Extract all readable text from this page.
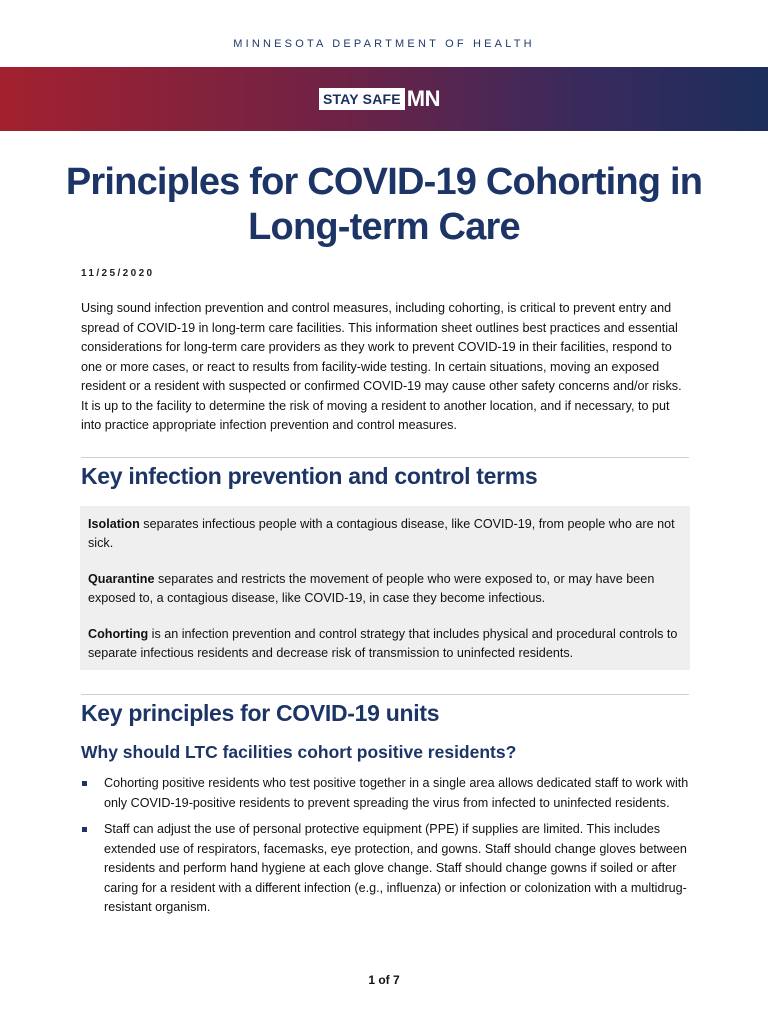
MINNESOTA DEPARTMENT OF HEALTH
STAY SAFE MN
Principles for COVID-19 Cohorting in Long-term Care
11/25/2020

Using sound infection prevention and control measures, including cohorting, is critical to prevent entry and spread of COVID-19 in long-term care facilities. This information sheet outlines best practices and essential considerations for long-term care providers as they work to prevent COVID-19 in their facilities, respond to one or more cases, or react to results from facility-wide testing. In certain situations, moving an exposed resident or a resident with suspected or confirmed COVID-19 may cause other safety concerns and/or risks. It is up to the facility to determine the risk of moving a resident to another location, and if necessary, to put into practice appropriate infection prevention and control measures.

Key infection prevention and control terms

Isolation separates infectious people with a contagious disease, like COVID-19, from people who are not sick.

Quarantine separates and restricts the movement of people who were exposed to, or may have been exposed to, a contagious disease, like COVID-19, in case they become infectious.

Cohorting is an infection prevention and control strategy that includes physical and procedural controls to separate infectious residents and decrease risk of transmission to uninfected residents.

Key principles for COVID-19 units
Why should LTC facilities cohort positive residents?
Cohorting positive residents who test positive together in a single area allows dedicated staff to work with only COVID-19-positive residents to prevent spreading the virus from infected to uninfected residents.
Staff can adjust the use of personal protective equipment (PPE) if supplies are limited. This includes extended use of respirators, facemasks, eye protection, and gowns. Staff should change gloves between residents and perform hand hygiene at each glove change. Staff should change gowns if soiled or after caring for a resident with a different infection (e.g., influenza) or infection or colonization with a multidrug-resistant organism.
1 of 7
